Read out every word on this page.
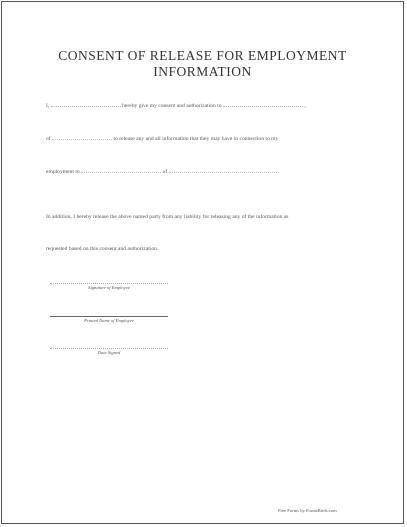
CONSENT OF RELEASE FOR EMPLOYMENT
INFORMATION
I,	hereby give my consent and authorization to	,
of	to release any and all information that they may have in connection to my
employment to	of
In addition, I hereby release the above named party from any liability for releasing any of the information as
requested based on this consent and authorization.
Signature of Employee
Printed Name of Employee
Date Signed
Free Forms by FormsBirds.com
